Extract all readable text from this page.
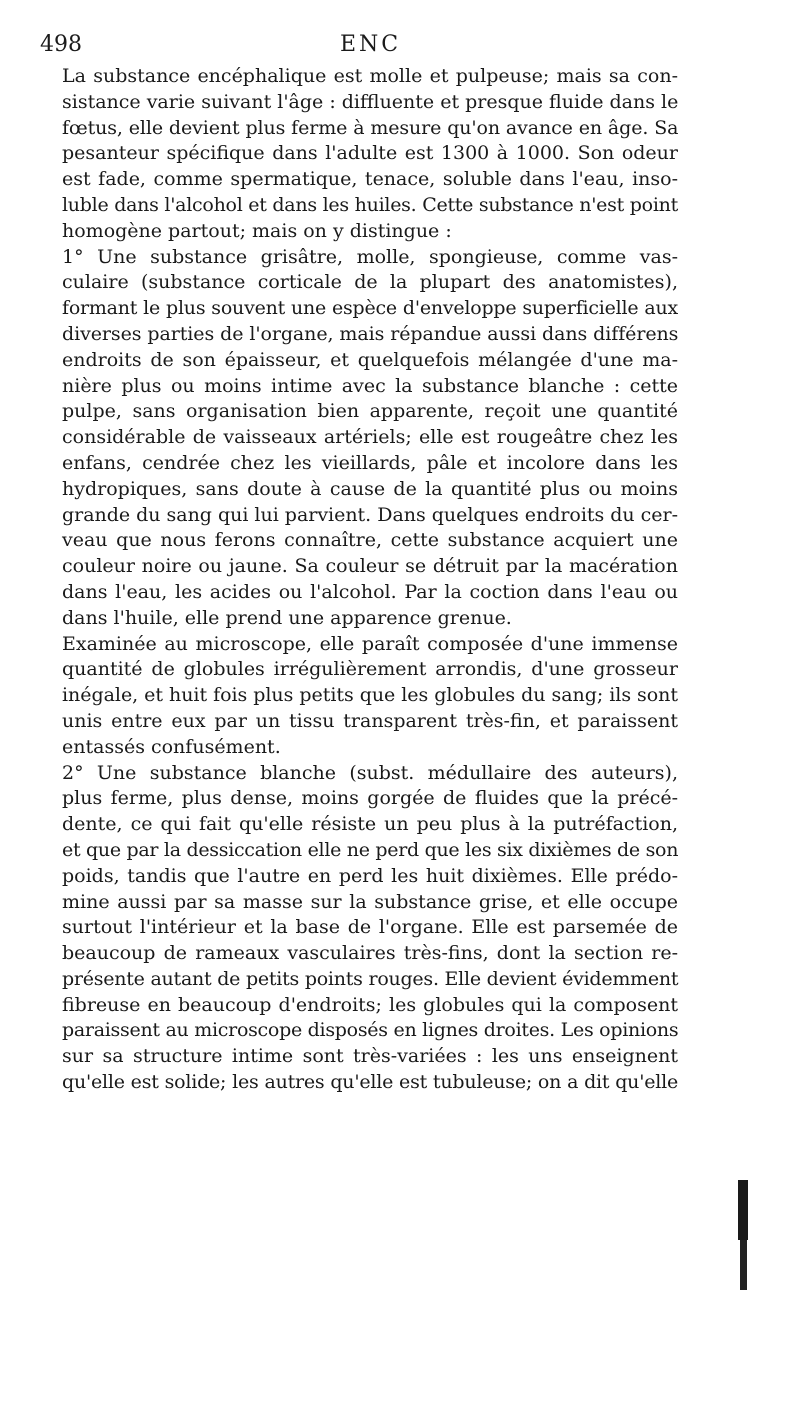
498	ENC

La substance encéphalique est molle et pulpeuse; mais sa con-
sistance varie suivant l'âge : diffluente et presque fluide dans le
fœtus, elle devient plus ferme à mesure qu'on avance en âge. Sa
pesanteur spécifique dans l'adulte est 1300 à 1000. Son odeur
est fade, comme spermatique, tenace, soluble dans l'eau, inso-
luble dans l'alcohol et dans les huiles. Cette substance n'est point
homogène partout; mais on y distingue :

1° Une substance grisâtre, molle, spongieuse, comme vas-
culaire (substance corticale de la plupart des anatomistes),
formant le plus souvent une espèce d'enveloppe superficielle aux
diverses parties de l'organe, mais répandue aussi dans différens
endroits de son épaisseur, et quelquefois mélangée d'une ma-
nière plus ou moins intime avec la substance blanche : cette
pulpe, sans organisation bien apparente, reçoit une quantité
considérable de vaisseaux artériels; elle est rougeâtre chez les
enfans, cendrée chez les vieillards, pâle et incolore dans les
hydropiques, sans doute à cause de la quantité plus ou moins
grande du sang qui lui parvient. Dans quelques endroits du cer-
veau que nous ferons connaître, cette substance acquiert une
couleur noire ou jaune. Sa couleur se détruit par la macération
dans l'eau, les acides ou l'alcohol. Par la coction dans l'eau ou
dans l'huile, elle prend une apparence grenue.

Examinée au microscope, elle paraît composée d'une immense
quantité de globules irrégulièrement arrondis, d'une grosseur
inégale, et huit fois plus petits que les globules du sang; ils sont
unis entre eux par un tissu transparent très-fin, et paraissent
entassés confusément.

2° Une substance blanche (subst. médullaire des auteurs),
plus ferme, plus dense, moins gorgée de fluides que la précé-
dente, ce qui fait qu'elle résiste un peu plus à la putréfaction,
et que par la dessiccation elle ne perd que les six dixièmes de son
poids, tandis que l'autre en perd les huit dixièmes. Elle prédo-
mine aussi par sa masse sur la substance grise, et elle occupe
surtout l'intérieur et la base de l'organe. Elle est parsemée de
beaucoup de rameaux vasculaires très-fins, dont la section re-
présente autant de petits points rouges. Elle devient évidemment
fibreuse en beaucoup d'endroits; les globules qui la composent
paraissent au microscope disposés en lignes droites. Les opinions
sur sa structure intime sont très-variées : les uns enseignent
qu'elle est solide; les autres qu'elle est tubuleuse; on a dit qu'elle
